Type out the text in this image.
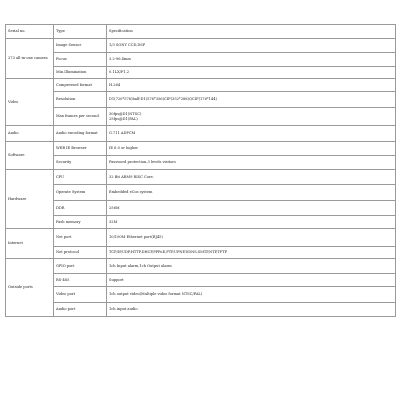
Serial no.	Type	Specification
273 all-in-one camera	Image Sensor	1/3 SONY CCD,DSP
	Focus	3.2-96.4mm
	Min.Illumination	0.1LX/F1.2
Video	Compressed format	H.264
	Resolution	D1(720*576)half-D1(576*356)CIF(352*288)QCIF(176*144)
	Max frames per second	30fps@D1(NTSC)
25fps@D1(PAL)
Audio	Audio encoding format	G.711 ADPCM
Software	WEB IE Browser	IE 6.0 or higher
	Security	Password protection,3 levels visitors
Hardware	CPU	32 Bit ARM9 RISC Core.
	Operate System	Embedded eCos system
	DDR	256M
	Fash memory	32M
Internet	Net port	10/100M Ethernet port(RJ45)
	Net protocol	TCP/IP,UDP,HTTP,DHCP,PPPoE,FTP,UPNP,DDNS,SMTP,NTP,TFTP
Outside ports	GPIO port	1ch Input alarm,1ch Output alarm
	RS-485	Support
	Video port	1ch output video(Multiple video format NTSC/PAL)
	Audio port	1ch input audio
